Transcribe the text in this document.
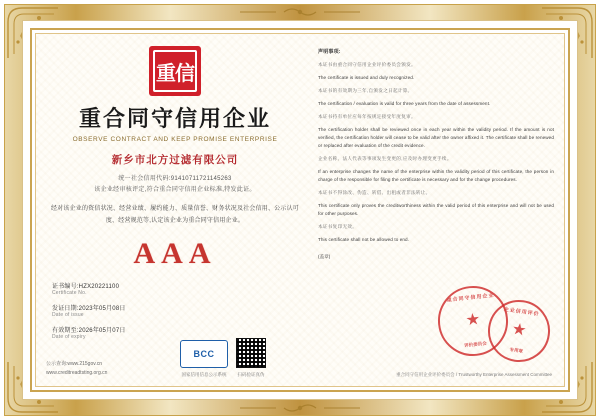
重信
重合同守信用企业
OBSERVE CONTRACT AND KEEP PROMISE ENTERPRISE
新乡市北方过滤有限公司
统一社会信用代码:91410711721145263
该企业经审核评定,符合重合同守信用企业标准,特发此证。
经对该企业的资信状况、经营业绩、履约能力、质量信誉、财务状况及社会信用、公示认可度、经营规范等,认定该企业为重合同守信用企业。
AAA
证书编号:HZX20221100
Certificate No.
发证日期:2023年05月08日
Date of issue
有效期至:2026年05月07日
Date of expiry
公示查询:www.215gov.cn
www.creditreadtsting.org.cn
声明事项:
本证书由重合同守信用企业评价委员会颁发。
The certificate is issued and duly recognized.
本证书的有效期为三年,自颁发之日起计算。
The certification / evaluation is valid for three years from the date of assessment.
本证书持有单位应每年按规定接受年度复审。
The certification holder shall be reviewed once in each year within the validity period. If the amount is not verified, the certification holder will cease to be valid after the owner affixed it. The certificate shall be renewed or replaced after evaluation of the credit evidence.
企业名称、法人代表等事项发生变更的,应及时办理变更手续。
If an enterprise changes the name of the enterprise within the validity period of this certificate, the person in charge of the responsible for filing the certificate is necessary and for the change procedures.
本证书不得涂改、伪造、转借、出租或者非法转让。
This certificate only proves the creditworthiness within the valid period of this enterprise and will not be used for other purposes.
本证书复印无效。
This certificate shall not be allowed to end.
(盖章)
BCC
国家信用信息公示系统	扫码验证真伪
重合同守信用企业
★
评价委员会
企业信用评价
★
专用章
重合同守信用企业评价委员会 / Trustworthy Enterprise Assessment Committee
